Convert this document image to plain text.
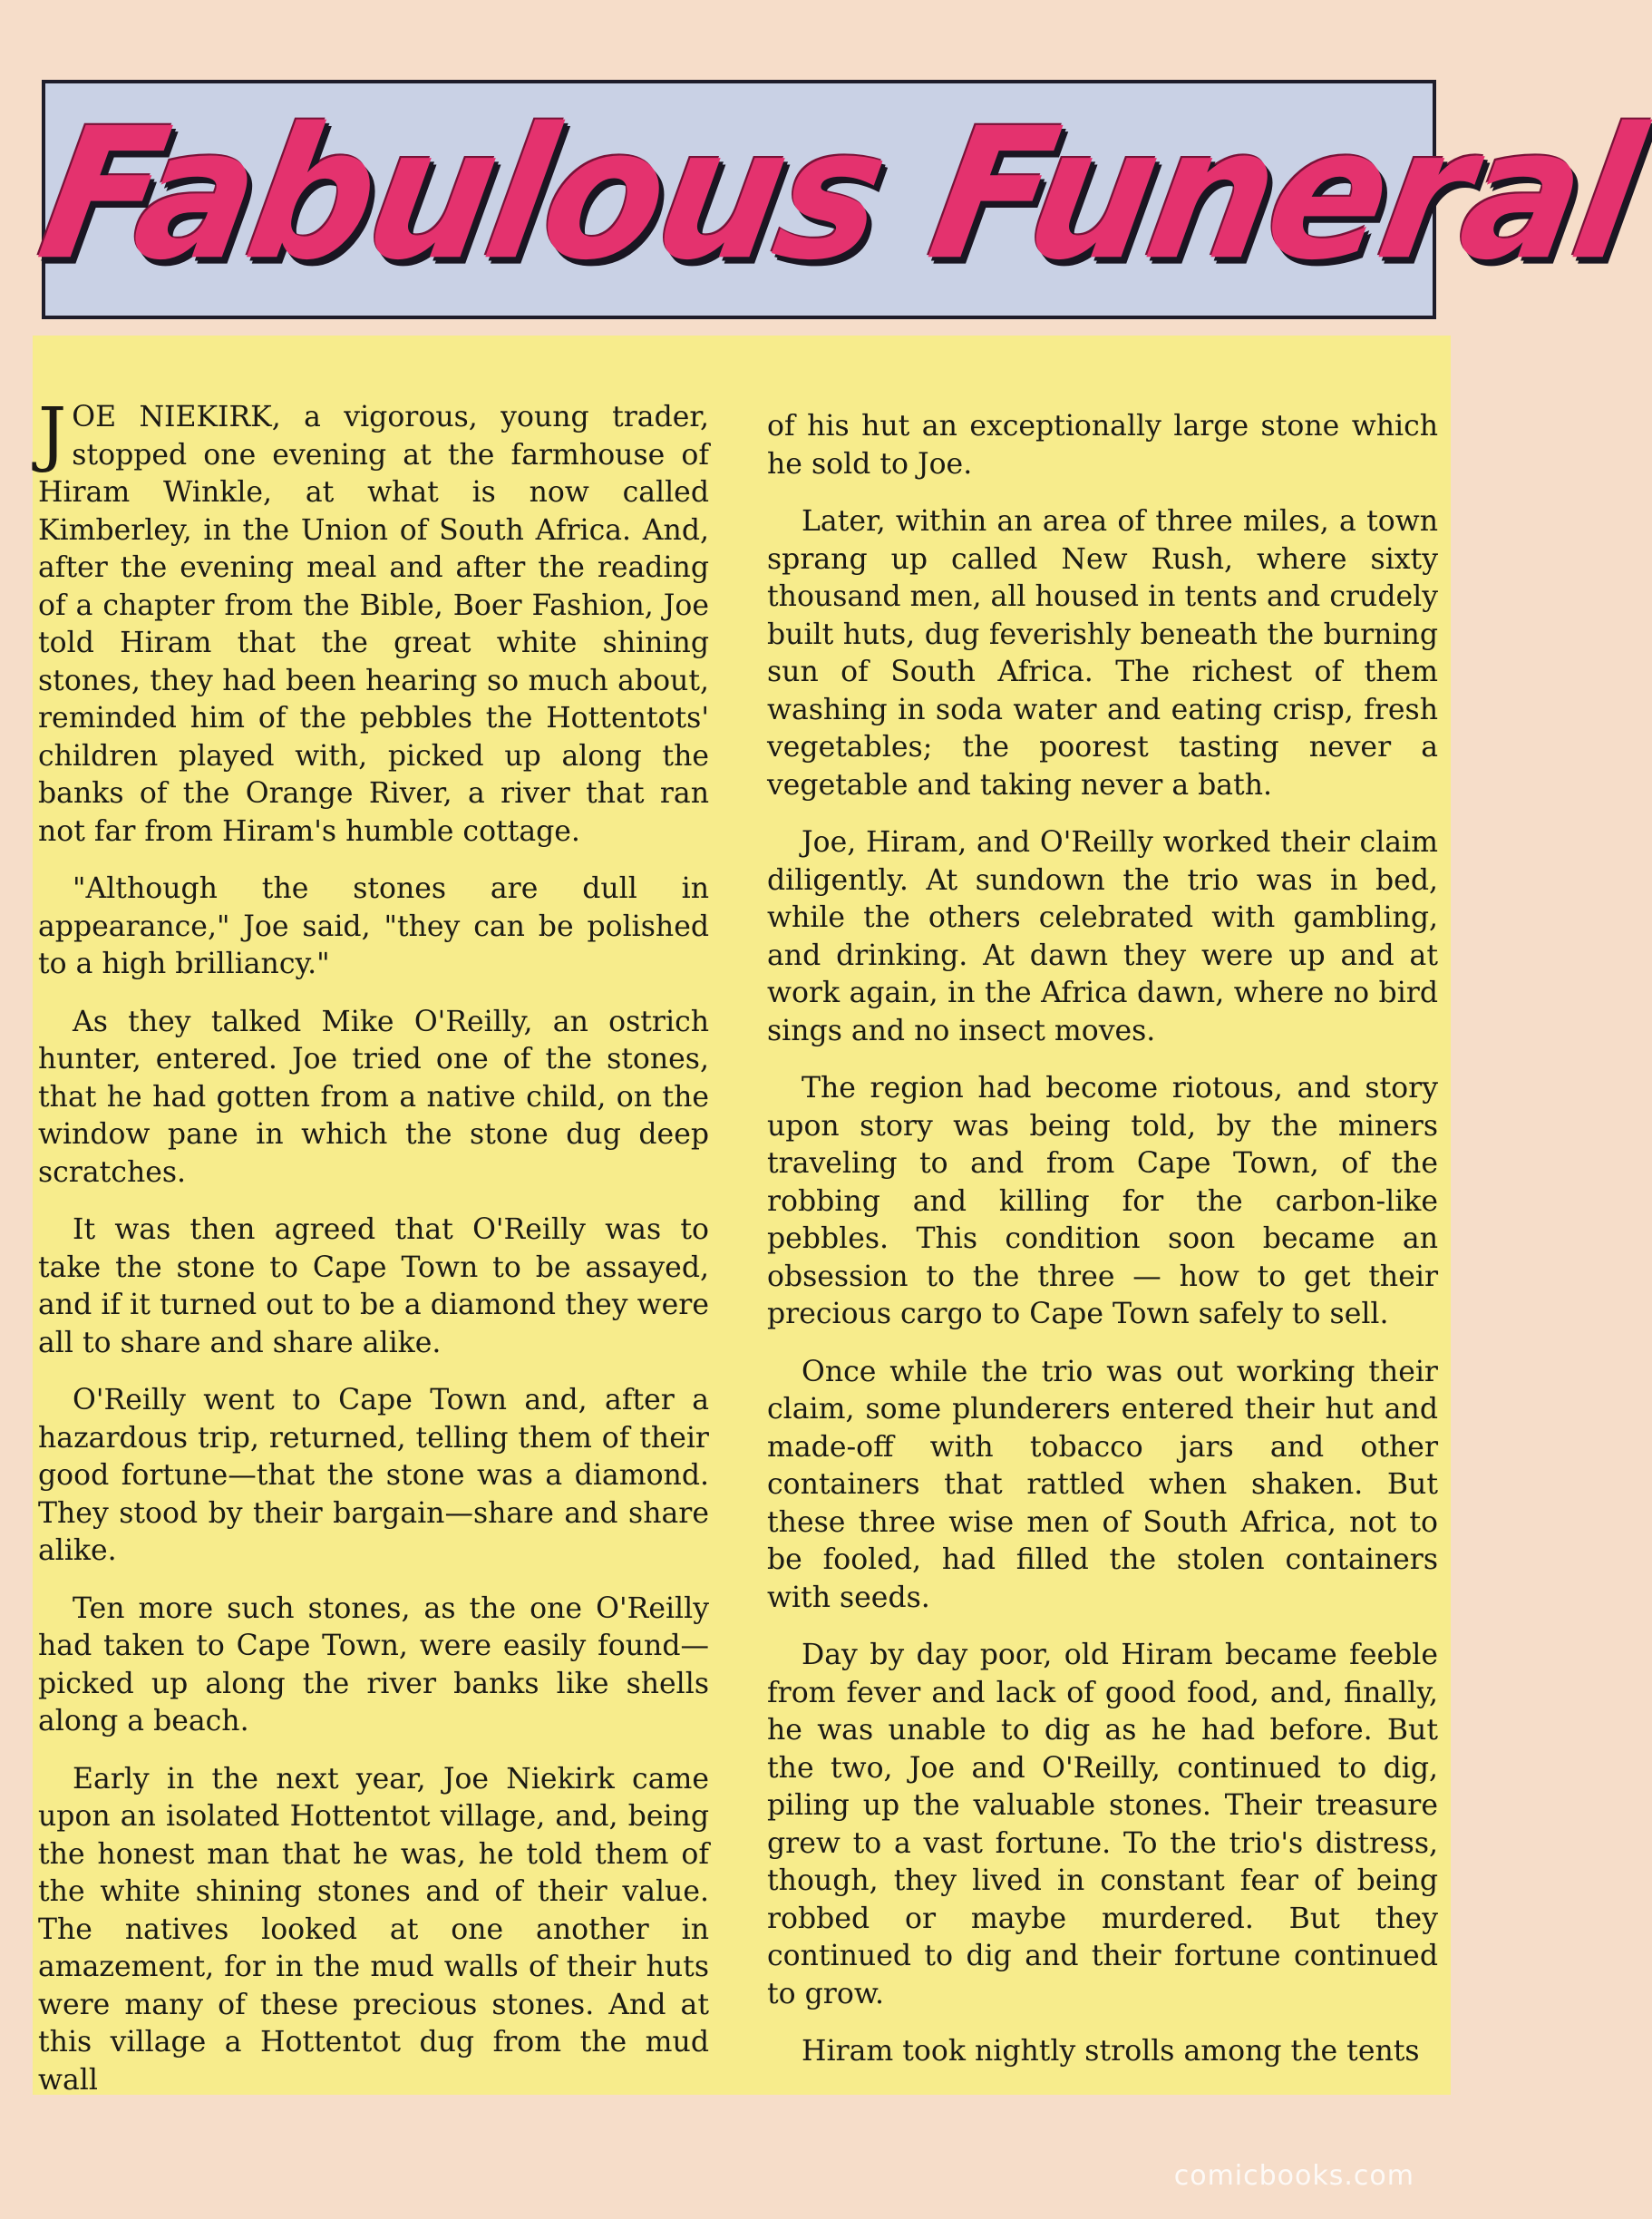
Fabulous Funeral

JOE NIEKIRK, a vigorous, young trader, stopped one evening at the farmhouse of Hiram Winkle, at what is now called Kimberley, in the Union of South Africa. And, after the evening meal and after the reading of a chapter from the Bible, Boer Fashion, Joe told Hiram that the great white shining stones, they had been hearing so much about, reminded him of the pebbles the Hottentots' children played with, picked up along the banks of the Orange River, a river that ran not far from Hiram's humble cottage.

"Although the stones are dull in appearance," Joe said, "they can be polished to a high brilliancy."

As they talked Mike O'Reilly, an ostrich hunter, entered. Joe tried one of the stones, that he had gotten from a native child, on the window pane in which the stone dug deep scratches.

It was then agreed that O'Reilly was to take the stone to Cape Town to be assayed, and if it turned out to be a diamond they were all to share and share alike.

O'Reilly went to Cape Town and, after a hazardous trip, returned, telling them of their good fortune—that the stone was a diamond. They stood by their bargain—share and share alike.

Ten more such stones, as the one O'Reilly had taken to Cape Town, were easily found—picked up along the river banks like shells along a beach.

Early in the next year, Joe Niekirk came upon an isolated Hottentot village, and, being the honest man that he was, he told them of the white shining stones and of their value. The natives looked at one another in amazement, for in the mud walls of their huts were many of these precious stones. And at this village a Hottentot dug from the mud wall

of his hut an exceptionally large stone which he sold to Joe.

Later, within an area of three miles, a town sprang up called New Rush, where sixty thousand men, all housed in tents and crudely built huts, dug feverishly beneath the burning sun of South Africa. The richest of them washing in soda water and eating crisp, fresh vegetables; the poorest tasting never a vegetable and taking never a bath.

Joe, Hiram, and O'Reilly worked their claim diligently. At sundown the trio was in bed, while the others celebrated with gambling, and drinking. At dawn they were up and at work again, in the Africa dawn, where no bird sings and no insect moves.

The region had become riotous, and story upon story was being told, by the miners traveling to and from Cape Town, of the robbing and killing for the carbon-like pebbles. This condition soon became an obsession to the three — how to get their precious cargo to Cape Town safely to sell.

Once while the trio was out working their claim, some plunderers entered their hut and made-off with tobacco jars and other containers that rattled when shaken. But these three wise men of South Africa, not to be fooled, had filled the stolen containers with seeds.

Day by day poor, old Hiram became feeble from fever and lack of good food, and, finally, he was unable to dig as he had before. But the two, Joe and O'Reilly, continued to dig, piling up the valuable stones. Their treasure grew to a vast fortune. To the trio's distress, though, they lived in constant fear of being robbed or maybe murdered. But they continued to dig and their fortune continued to grow.

Hiram took nightly strolls among the tents

comicbooks.com
